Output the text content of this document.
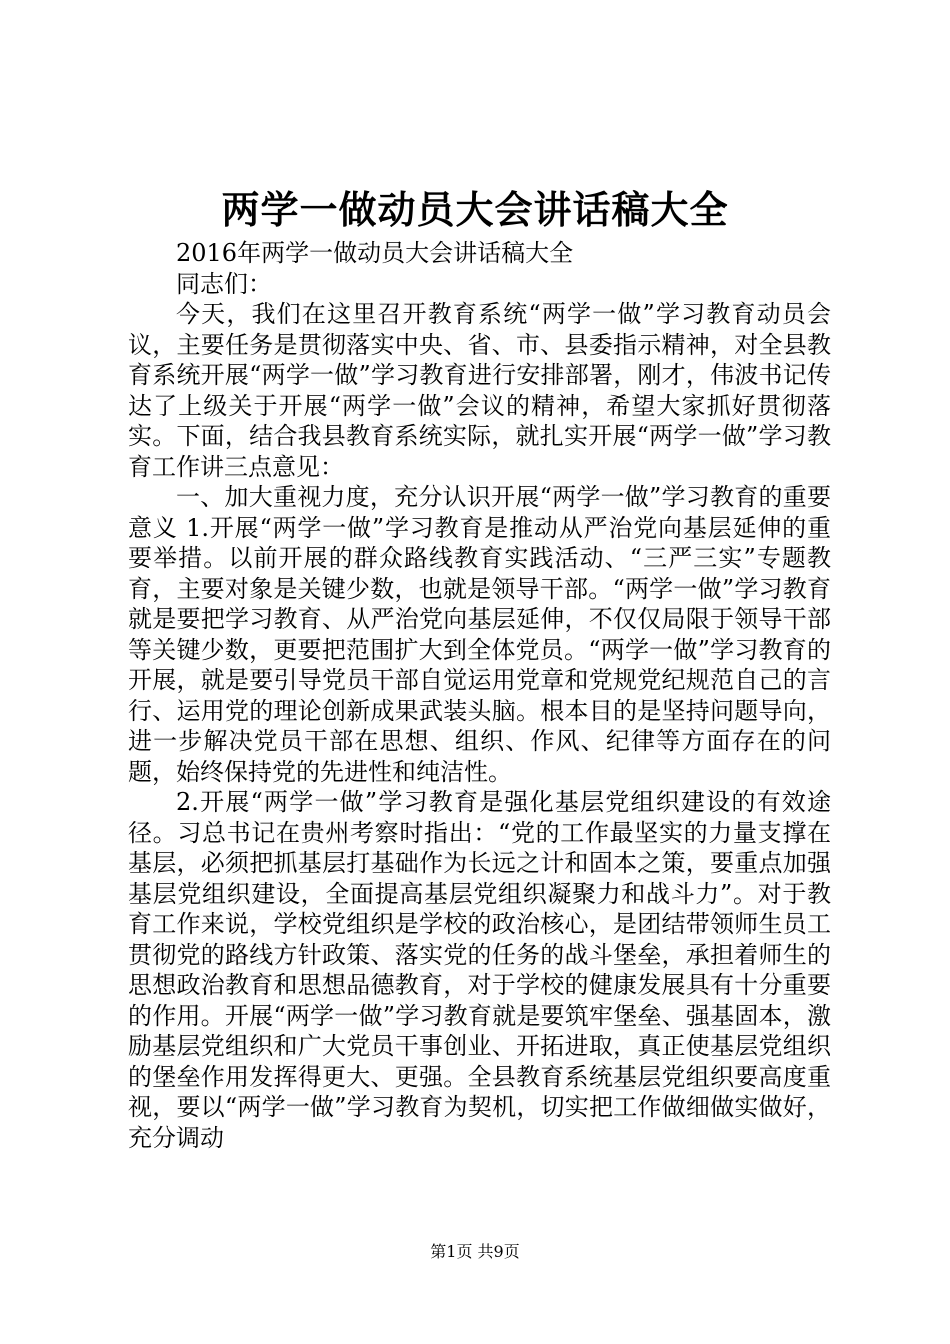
两学一做动员大会讲话稿大全

2016年两学一做动员大会讲话稿大全

同志们：

今天，我们在这里召开教育系统“两学一做”学习教育动员会议，主要任务是贯彻落实中央、省、市、县委指示精神，对全县教育系统开展“两学一做”学习教育进行安排部署，刚才，伟波书记传达了上级关于开展“两学一做”会议的精神，希望大家抓好贯彻落实。下面，结合我县教育系统实际，就扎实开展“两学一做”学习教育工作讲三点意见：

一、加大重视力度，充分认识开展“两学一做”学习教育的重要意义 1.开展“两学一做”学习教育是推动从严治党向基层延伸的重要举措。以前开展的群众路线教育实践活动、“三严三实”专题教育，主要对象是关键少数，也就是领导干部。“两学一做”学习教育就是要把学习教育、从严治党向基层延伸，不仅仅局限于领导干部等关键少数，更要把范围扩大到全体党员。“两学一做”学习教育的开展，就是要引导党员干部自觉运用党章和党规党纪规范自己的言行、运用党的理论创新成果武装头脑。根本目的是坚持问题导向，进一步解决党员干部在思想、组织、作风、纪律等方面存在的问题，始终保持党的先进性和纯洁性。

2.开展“两学一做”学习教育是强化基层党组织建设的有效途径。习总书记在贵州考察时指出：“党的工作最坚实的力量支撑在基层，必须把抓基层打基础作为长远之计和固本之策，要重点加强基层党组织建设，全面提高基层党组织凝聚力和战斗力”。对于教育工作来说，学校党组织是学校的政治核心，是团结带领师生员工贯彻党的路线方针政策、落实党的任务的战斗堡垒，承担着师生的思想政治教育和思想品德教育，对于学校的健康发展具有十分重要的作用。开展“两学一做”学习教育就是要筑牢堡垒、强基固本，激励基层党组织和广大党员干事创业、开拓进取，真正使基层党组织的堡垒作用发挥得更大、更强。全县教育系统基层党组织要高度重视，要以“两学一做”学习教育为契机，切实把工作做细做实做好，充分调动

第1页 共9页
